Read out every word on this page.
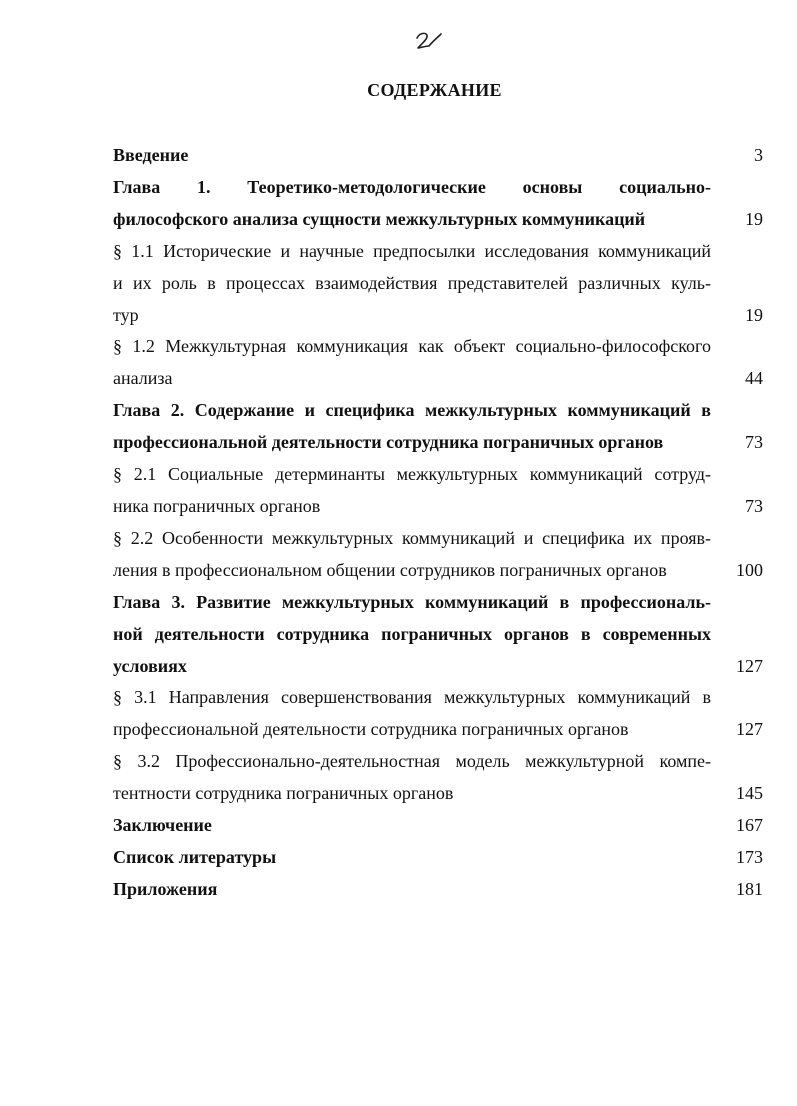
СОДЕРЖАНИЕ
Введение	3
Глава 1. Теоретико-методологические основы социально-
философского анализа сущности межкультурных коммуникаций	19
§ 1.1 Исторические и научные предпосылки исследования коммуникаций
и их роль в процессах взаимодействия представителей различных куль-
тур	19
§ 1.2 Межкультурная коммуникация как объект социально-философского
анализа	44
Глава 2. Содержание и специфика межкультурных коммуникаций в
профессиональной деятельности сотрудника пограничных органов	73
§ 2.1 Социальные детерминанты межкультурных коммуникаций сотруд-
ника пограничных органов	73
§ 2.2 Особенности межкультурных коммуникаций и специфика их прояв-
ления в профессиональном общении сотрудников пограничных органов	100
Глава 3. Развитие межкультурных коммуникаций в профессиональ-
ной деятельности сотрудника пограничных органов в современных
условиях	127
§ 3.1 Направления совершенствования межкультурных коммуникаций в
профессиональной деятельности сотрудника пограничных органов	127
§ 3.2 Профессионально-деятельностная модель межкультурной компе-
тентности сотрудника пограничных органов	145
Заключение	167
Список литературы	173
Приложения	181
